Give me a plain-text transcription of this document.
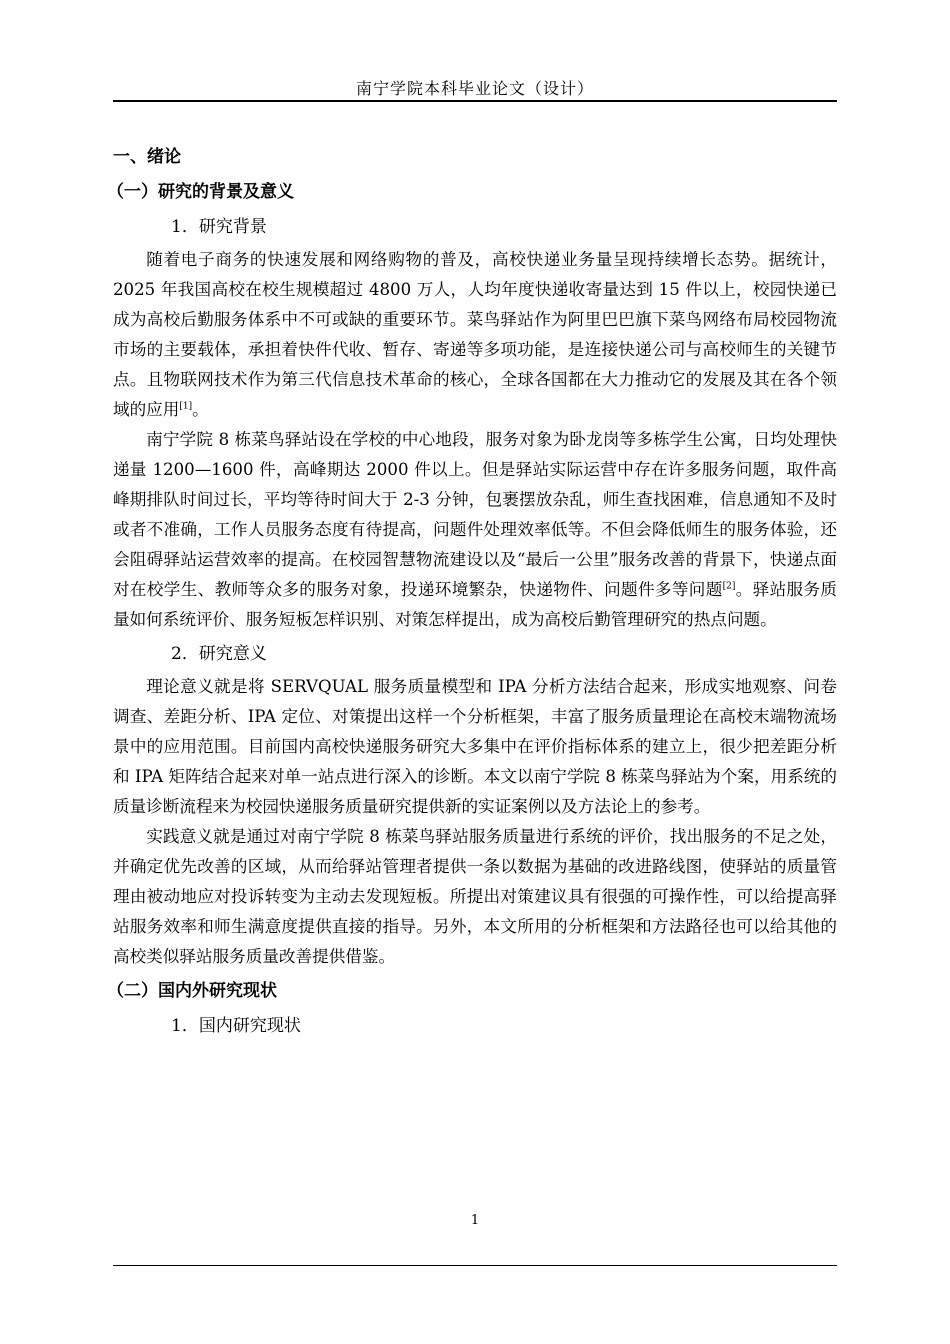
南宁学院本科毕业论文（设计）
一、绪论
（一）研究的背景及意义
1．研究背景

随着电子商务的快速发展和网络购物的普及，高校快递业务量呈现持续增长态势。据统计，2025 年我国高校在校生规模超过 4800 万人，人均年度快递收寄量达到 15 件以上，校园快递已成为高校后勤服务体系中不可或缺的重要环节。菜鸟驿站作为阿里巴巴旗下菜鸟网络布局校园物流市场的主要载体，承担着快件代收、暂存、寄递等多项功能，是连接快递公司与高校师生的关键节点。且物联网技术作为第三代信息技术革命的核心，全球各国都在大力推动它的发展及其在各个领域的应用[1]。

南宁学院 8 栋菜鸟驿站设在学校的中心地段，服务对象为卧龙岗等多栋学生公寓，日均处理快递量 1200—1600 件，高峰期达 2000 件以上。但是驿站实际运营中存在许多服务问题，取件高峰期排队时间过长，平均等待时间大于 2-3 分钟，包裹摆放杂乱，师生查找困难，信息通知不及时或者不准确，工作人员服务态度有待提高，问题件处理效率低等。不但会降低师生的服务体验，还会阻碍驿站运营效率的提高。在校园智慧物流建设以及“最后一公里”服务改善的背景下，快递点面对在校学生、教师等众多的服务对象，投递环境繁杂，快递物件、问题件多等问题[2]。驿站服务质量如何系统评价、服务短板怎样识别、对策怎样提出，成为高校后勤管理研究的热点问题。

2．研究意义

理论意义就是将 SERVQUAL 服务质量模型和 IPA 分析方法结合起来，形成实地观察、问卷调查、差距分析、IPA 定位、对策提出这样一个分析框架，丰富了服务质量理论在高校末端物流场景中的应用范围。目前国内高校快递服务研究大多集中在评价指标体系的建立上，很少把差距分析和 IPA 矩阵结合起来对单一站点进行深入的诊断。本文以南宁学院 8 栋菜鸟驿站为个案，用系统的质量诊断流程来为校园快递服务质量研究提供新的实证案例以及方法论上的参考。

实践意义就是通过对南宁学院 8 栋菜鸟驿站服务质量进行系统的评价，找出服务的不足之处，并确定优先改善的区域，从而给驿站管理者提供一条以数据为基础的改进路线图，使驿站的质量管理由被动地应对投诉转变为主动去发现短板。所提出对策建议具有很强的可操作性，可以给提高驿站服务效率和师生满意度提供直接的指导。另外，本文所用的分析框架和方法路径也可以给其他的高校类似驿站服务质量改善提供借鉴。

（二）国内外研究现状
1．国内研究现状
1
